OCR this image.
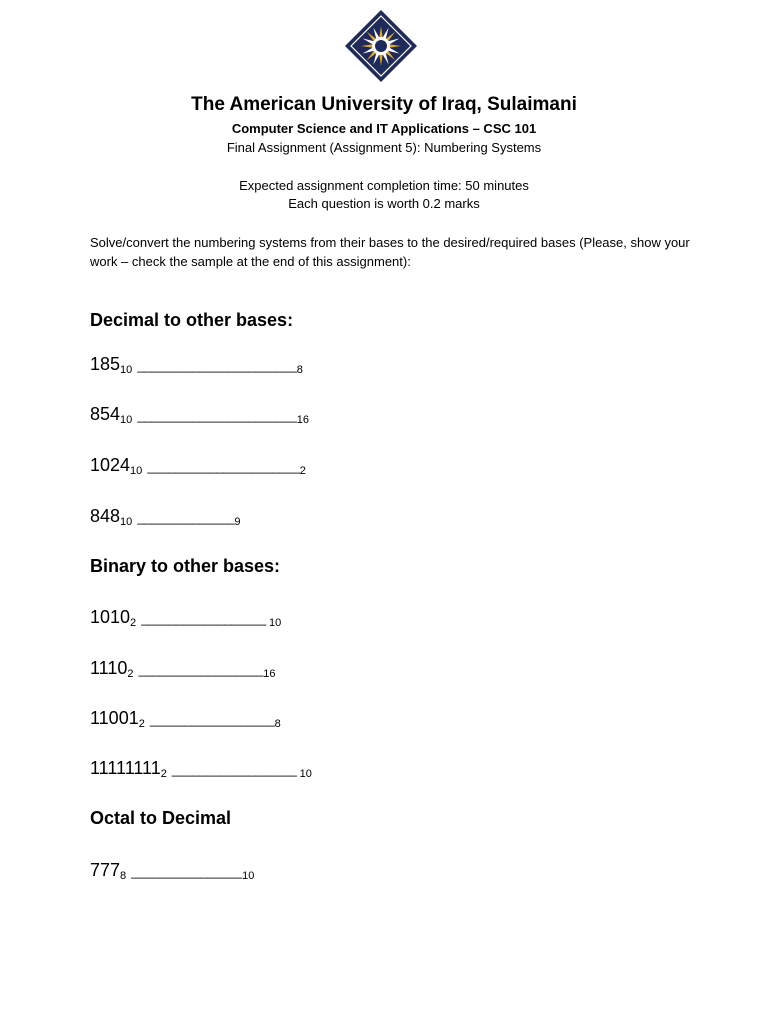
The American University of Iraq, Sulaimani
Computer Science and IT Applications – CSC 101
Final Assignment (Assignment 5): Numbering Systems
Expected assignment completion time: 50 minutes
Each question is worth 0.2 marks
Solve/convert the numbering systems from their bases to the desired/required bases (Please, show your work – check the sample at the end of this assignment):
Decimal to other bases:
18510 _______________________8
85410 _______________________16
102410 ______________________2
84810 ______________9
Binary to other bases:
10102 __________________ 10
11102 __________________16
110012 __________________8
111111112 __________________ 10
Octal to Decimal
7778 ________________10
